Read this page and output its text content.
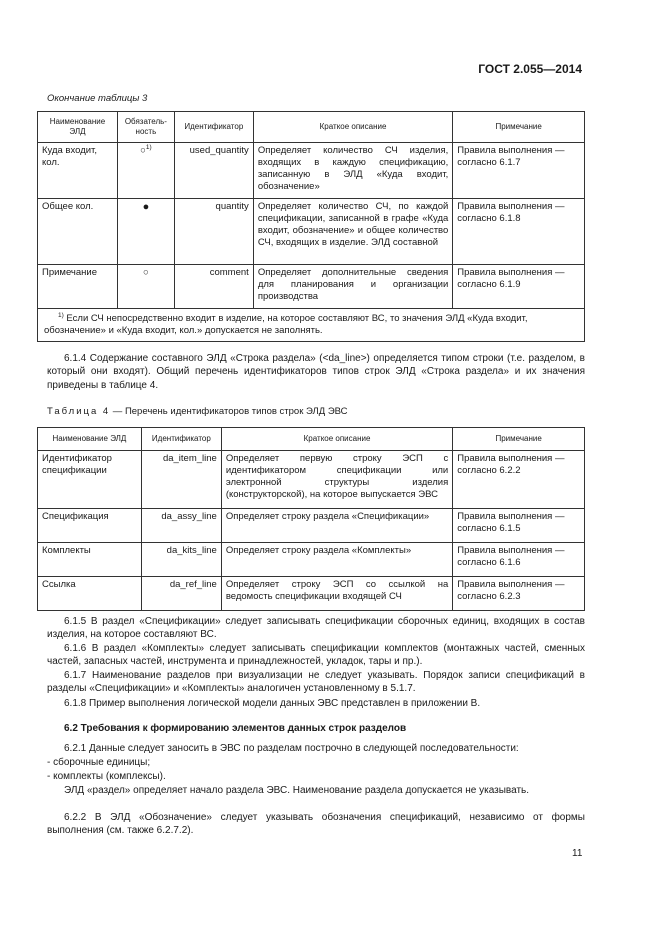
ГОСТ 2.055—2014
Окончание таблицы 3
Наименование ЭЛД	Обязатель-ность	Идентификатор	Краткое описание	Примечание
Куда входит, кол.	○$^{1)}$	used_quantity	Определяет количество СЧ изделия, входящих в каждую спецификацию, записанную в ЭЛД «Куда входит, обозначение»	Правила выполнения — согласно 6.1.7
Общее кол.	●	quantity	Определяет количество СЧ, по каждой спецификации, записанной в графе «Куда входит, обозначение» и общее количество СЧ, входящих в изделие. ЭЛД составной	Правила выполнения — согласно 6.1.8
Примечание	○	comment	Определяет дополнительные сведения для планирования и организации производства	Правила выполнения — согласно 6.1.9
$^{1)}$ Если СЧ непосредственно входит в изделие, на которое составляют ВС, то значения ЭЛД «Куда входит, обозначение» и «Куда входит, кол.» допускается не заполнять.				

6.1.4 Содержание составного ЭЛД «Строка раздела» (<da_line>) определяется типом строки (т.е. разделом, в который они входят). Общий перечень идентификаторов типов строк ЭЛД «Строка раздела» и их значения приведены в таблице 4.

Таблица 4 — Перечень идентификаторов типов строк ЭЛД ЭВС

Наименование ЭЛД	Идентификатор	Краткое описание	Примечание
Идентификатор спецификации	da_item_line	Определяет первую строку ЭСП с идентификатором спецификации или электронной структуры изделия (конструкторской), на которое выпускается ЭВС	Правила выполнения — согласно 6.2.2
Спецификация	da_assy_line	Определяет строку раздела «Спецификации»	Правила выполнения — согласно 6.1.5
Комплекты	da_kits_line	Определяет строку раздела «Комплекты»	Правила выполнения — согласно 6.1.6
Ссылка	da_ref_line	Определяет строку ЭСП со ссылкой на ведомость спецификации входящей СЧ	Правила выполнения — согласно 6.2.3

6.1.5 В раздел «Спецификации» следует записывать спецификации сборочных единиц, входящих в состав изделия, на которое составляют ВС.

6.1.6 В раздел «Комплекты» следует записывать спецификации комплектов (монтажных частей, сменных частей, запасных частей, инструмента и принадлежностей, укладок, тары и пр.).

6.1.7 Наименование разделов при визуализации не следует указывать. Порядок записи спецификаций в разделы «Спецификации» и «Комплекты» аналогичен установленному в 5.1.7.

6.1.8 Пример выполнения логической модели данных ЭВС представлен в приложении В.

6.2 Требования к формированию элементов данных строк разделов

6.2.1 Данные следует заносить в ЭВС по разделам построчно в следующей последовательности:

- сборочные единицы;

- комплекты (комплексы).

ЭЛД «раздел» определяет начало раздела ЭВС. Наименование раздела допускается не указывать.

6.2.2 В ЭЛД «Обозначение» следует указывать обозначения спецификаций, независимо от формы выполнения (см. также 6.2.7.2).

11
